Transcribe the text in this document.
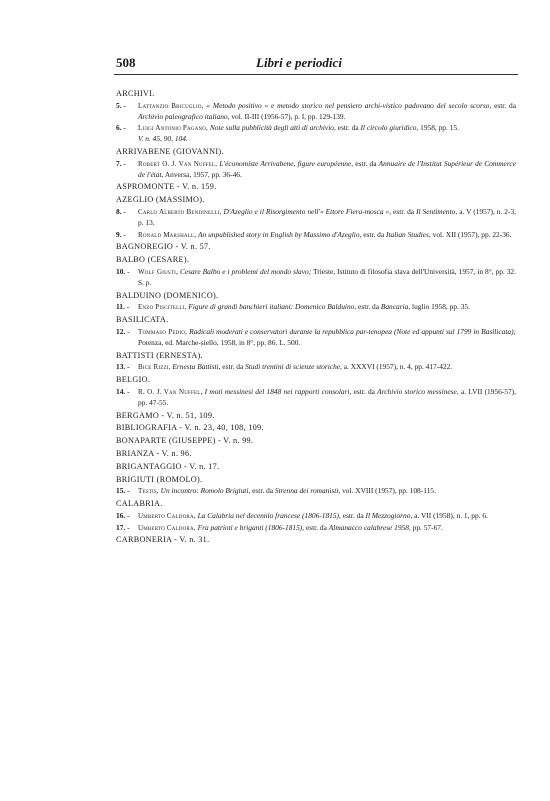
508	Libri e periodici
ARCHIVI.
5. - Lattanzio Bricuglio, « Metodo positivo » e metodo storico nel pensiero archi-vistico padovano del secolo scorso, estr. da Archivio paleografico italiano, vol. II-III (1956-57), p. I, pp. 129-139.
6. - Luigi Antonio Pagano, Note sulla pubblicità degli atti di archivio, estr. da Il circolo giuridico, 1958, pp. 15.
V. n. 45, 90, 104.
ARRIVABENE (GIOVANNI).
7. - Robert O. J. Van Nuffel, L'économiste Arrivabene, figure européenne, estr. da Annuaire de l'Institut Supérieur de Commerce de l'état, Anversa, 1957, pp. 36-46.
ASPROMONTE - V. n. 159.
AZEGLIO (MASSIMO).
8. - Carlo Alberto Bendinelli, D'Azeglio e il Risorgimento nell'« Ettore Fiera-mosca », estr. da Il Sentimento, a. V (1957), n. 2-3, p. 13.
9. - Ronald Marshall, An unpublished story in English by Massimo d'Azeglio, estr. da Italian Studies, vol. XII (1957), pp. 22-36.
BAGNOREGIO - V. n. 57.
BALBO (CESARE).
10. - Wolf Giusti, Cesare Balbo e i problemi del mondo slavo; Trieste, Istituto di filosofia slava dell'Università, 1957, in 8°, pp. 32. S. p.
BALDUINO (DOMENICO).
11. - Enzo Piscitelli, Figure di grandi banchieri italiani: Domenico Balduino, estr. da Bancaria, luglio 1958, pp. 35.
BASILICATA.
12. - Tommaso Pedio, Radicali moderati e conservatori durante la repubblica par-tenopea (Note ed appunti sul 1799 in Basilicata); Potenza, ed. Marche-siello, 1958, in 8°, pp. 86. L. 500.
BATTISTI (ERNESTA).
13. - Bice Rizzi, Ernesta Battisti, estr. da Studi trentini di scienze storiche, a. XXXVI (1957), n. 4, pp. 417-422.
BELGIO.
14. - R. O. J. Van Nuffel, I moti messinesi del 1848 nei rapporti consolari, estr. da Archivio storico messinese, a. LVII (1956-57), pp. 47-55.
BERGAMO - V. n. 51, 109.
BIBLIOGRAFIA - V. n. 23, 40, 108, 109.
BONAPARTE (GIUSEPPE) - V. n. 99.
BRIANZA - V. n. 96.
BRIGANTAGGIO - V. n. 17.
BRIGIUTI (ROMOLO).
15. - Testis, Un incontro: Romolo Brigiuti, estr. da Strenna dei romanisti, vol. XVIII (1957), pp. 108-115.
CALABRIA.
16. - Umberto Caldora, La Calabria nel decennio francese (1806-1815), estr. da Il Mezzogiorno, a. VII (1958), n. 1, pp. 6.
17. - Umberto Caldora, Fra patrioti e briganti (1806-1815), estr. da Almanacco calabrese 1958, pp. 57-67.
CARBONERIA - V. n. 31.
